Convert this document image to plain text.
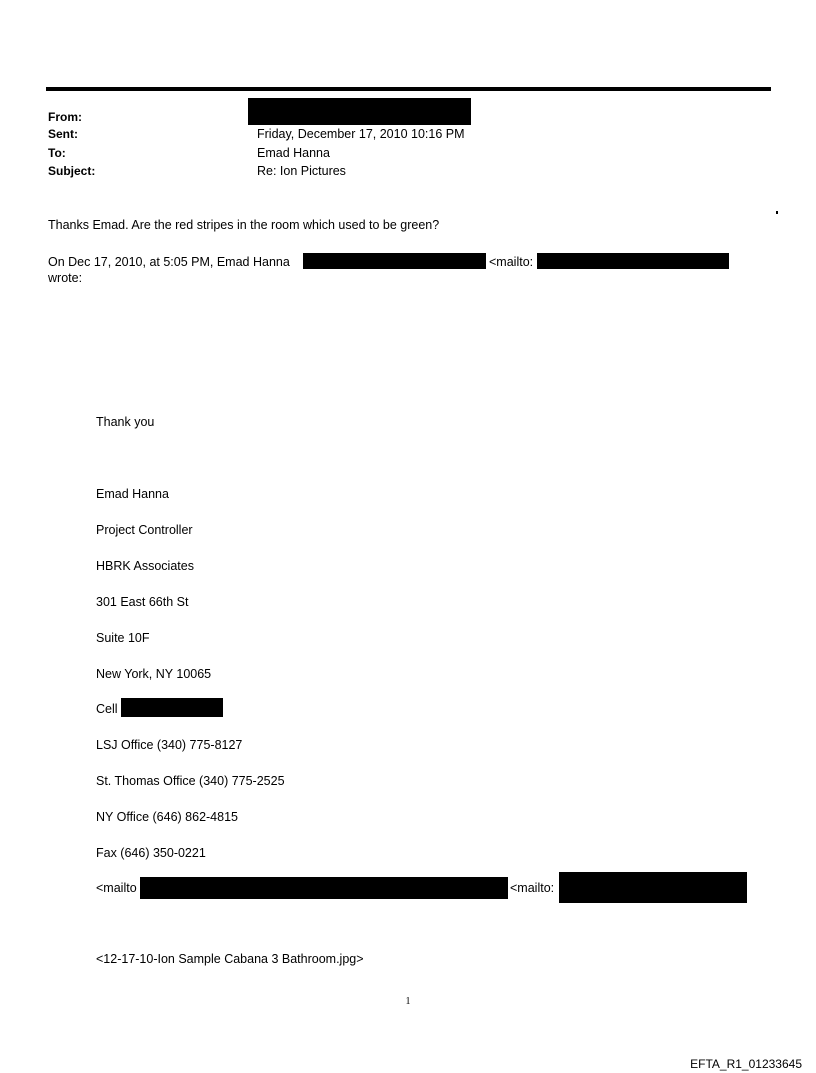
From:
Sent:	Friday, December 17, 2010 10:16 PM
To:	Emad Hanna
Subject:	Re: Ion Pictures
Thanks Emad. Are the red stripes in the room which used to be green?
On Dec 17, 2010, at 5:05 PM, Emad Hanna	<mailto:
wrote:
Thank you
Emad Hanna
Project Controller
HBRK Associates
301 East 66th St
Suite 10F
New York, NY 10065
Cell
LSJ Office (340) 775-8127
St. Thomas Office (340) 775-2525
NY Office (646) 862-4815
Fax (646) 350-0221
<mailto	<mailto:
<12-17-10-Ion Sample Cabana 3 Bathroom.jpg>
1
EFTA_R1_01233645
